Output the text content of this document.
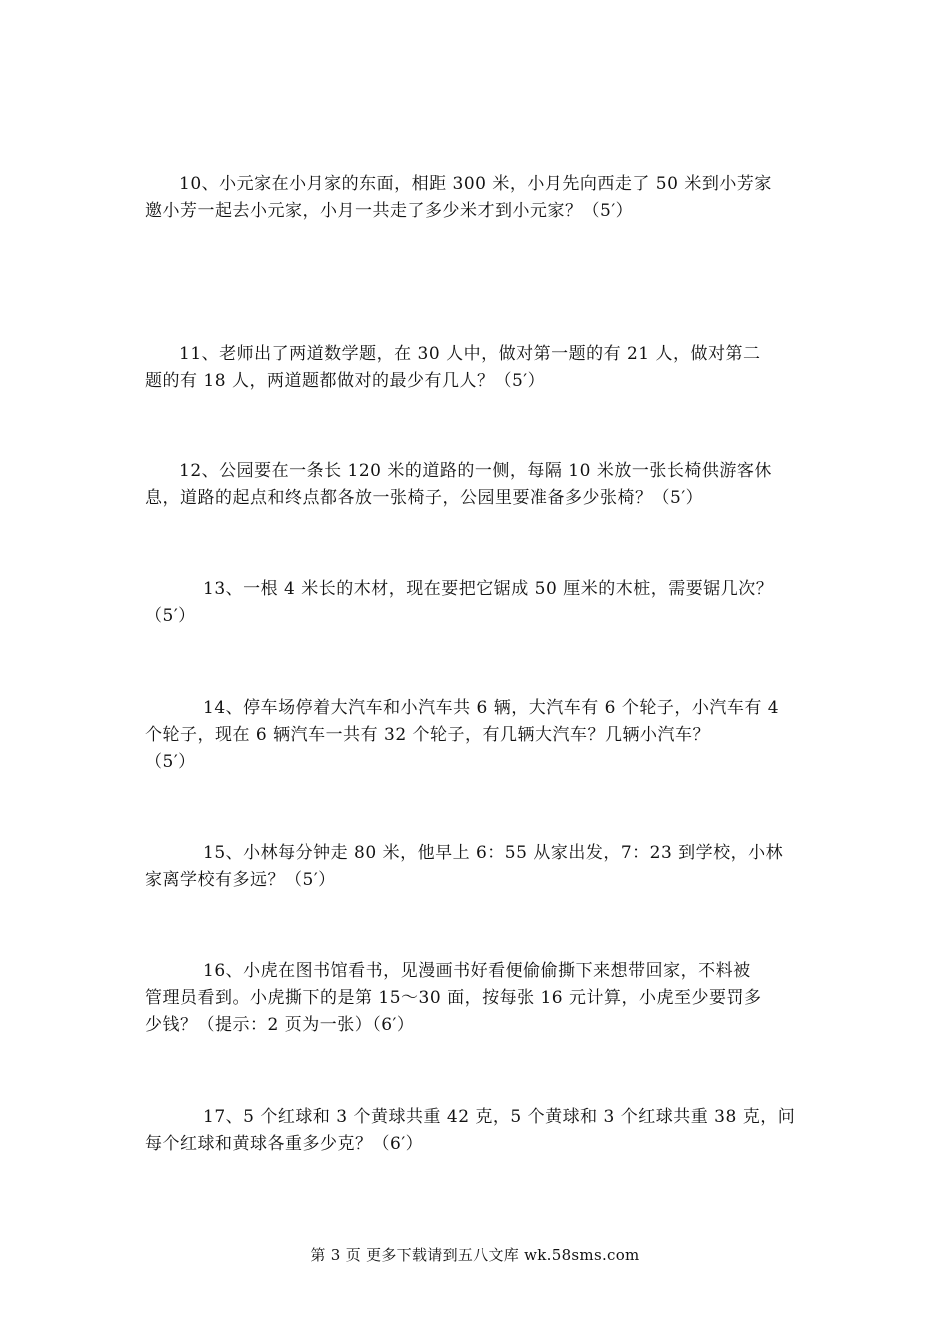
10、小元家在小月家的东面，相距 300 米，小月先向西走了 50 米到小芳家
邀小芳一起去小元家，小月一共走了多少米才到小元家？（5′）
11、老师出了两道数学题，在 30 人中，做对第一题的有 21 人，做对第二
题的有 18 人，两道题都做对的最少有几人？（5′）
12、公园要在一条长 120 米的道路的一侧，每隔 10 米放一张长椅供游客休
息，道路的起点和终点都各放一张椅子，公园里要准备多少张椅？（5′）
13、一根 4 米长的木材，现在要把它锯成 50 厘米的木桩，需要锯几次？
（5′）
14、停车场停着大汽车和小汽车共 6 辆，大汽车有 6 个轮子，小汽车有 4
个轮子，现在 6 辆汽车一共有 32 个轮子，有几辆大汽车？几辆小汽车？
（5′）
15、小林每分钟走 80 米，他早上 6：55 从家出发，7：23 到学校，小林
家离学校有多远？（5′）
16、小虎在图书馆看书，见漫画书好看便偷偷撕下来想带回家，不料被
管理员看到。小虎撕下的是第 15～30 面，按每张 16 元计算，小虎至少要罚多
少钱？（提示：2 页为一张）（6′）
17、5 个红球和 3 个黄球共重 42 克，5 个黄球和 3 个红球共重 38 克，问
每个红球和黄球各重多少克？（6′）
第 3 页 更多下载请到五八文库 wk.58sms.com
